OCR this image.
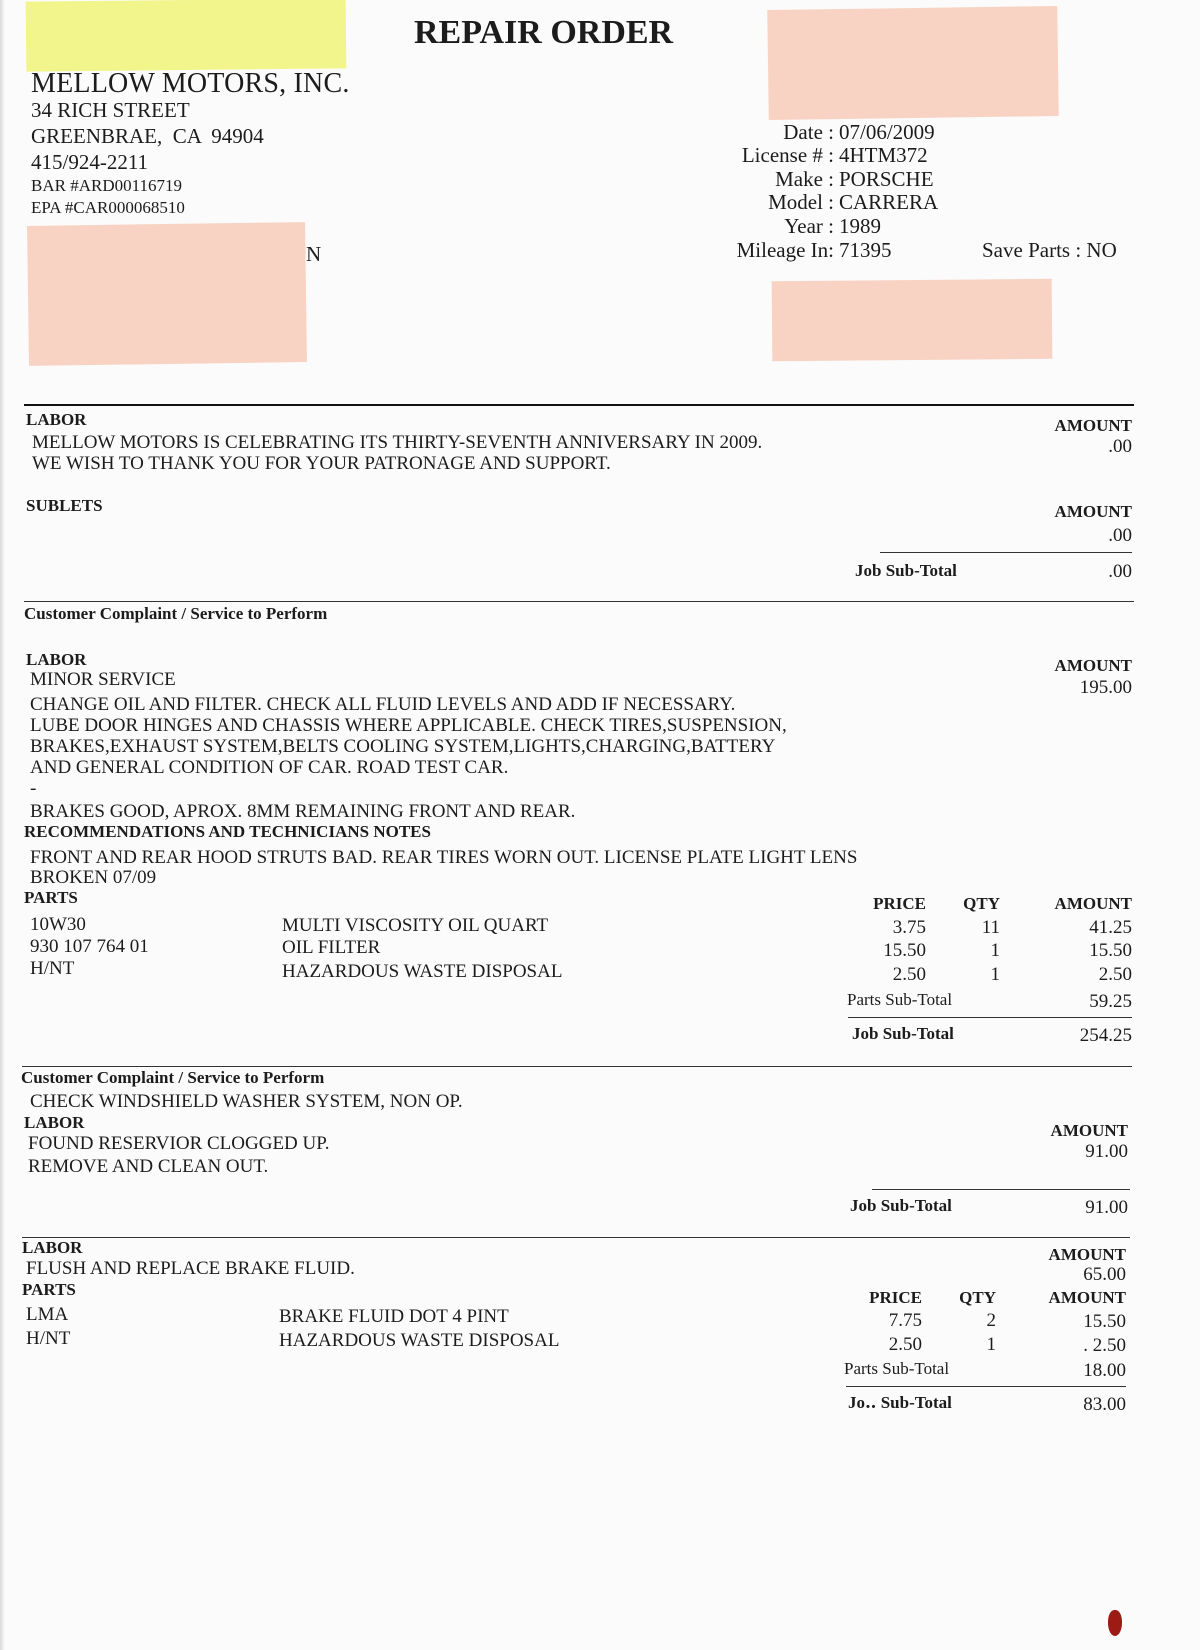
REPAIR ORDER
MELLOW MOTORS, INC.
34 RICH STREET
GREENBRAE,  CA  94904
415/924-2211
BAR #ARD00116719
EPA #CAR000068510
N
Date : 07/06/2009
License # : 4HTM372
Make : PORSCHE
Model : CARRERA
Year : 1989
Mileage In: 71395	Save Parts : NO
LABOR	AMOUNT
MELLOW MOTORS IS CELEBRATING ITS THIRTY-SEVENTH ANNIVERSARY IN 2009.
WE WISH TO THANK YOU FOR YOUR PATRONAGE AND SUPPORT.
.00
SUBLETS	AMOUNT
.00
Job Sub-Total	.00
Customer Complaint / Service to Perform
LABOR	AMOUNT
195.00
MINOR SERVICE
CHANGE OIL AND FILTER. CHECK ALL FLUID LEVELS AND ADD IF NECESSARY.
LUBE DOOR HINGES AND CHASSIS WHERE APPLICABLE. CHECK TIRES,SUSPENSION,
BRAKES,EXHAUST SYSTEM,BELTS COOLING SYSTEM,LIGHTS,CHARGING,BATTERY
AND GENERAL CONDITION OF CAR. ROAD TEST CAR.
-
BRAKES GOOD, APROX. 8MM REMAINING FRONT AND REAR.
RECOMMENDATIONS AND TECHNICIANS NOTES
FRONT AND REAR HOOD STRUTS BAD. REAR TIRES WORN OUT. LICENSE PLATE LIGHT LENS
BROKEN 07/09
PARTS	PRICE	QTY	AMOUNT
10W30	MULTI VISCOSITY OIL QUART	3.75	11	41.25
930 107 764 01	OIL FILTER	15.50	1	15.50
H/NT	HAZARDOUS WASTE DISPOSAL	2.50	1	2.50
Parts Sub-Total	59.25
Job Sub-Total	254.25
Customer Complaint / Service to Perform
CHECK WINDSHIELD WASHER SYSTEM, NON OP.
LABOR	AMOUNT
FOUND RESERVIOR CLOGGED UP.
REMOVE AND CLEAN OUT.
91.00
Job Sub-Total	91.00
LABOR	AMOUNT
FLUSH AND REPLACE BRAKE FLUID.	65.00
PARTS	PRICE	QTY	AMOUNT
LMA	BRAKE FLUID DOT 4 PINT	7.75	2	15.50
H/NT	HAZARDOUS WASTE DISPOSAL	2.50	1	. 2.50
Parts Sub-Total	18.00
Jo‥ Sub-Total	83.00
